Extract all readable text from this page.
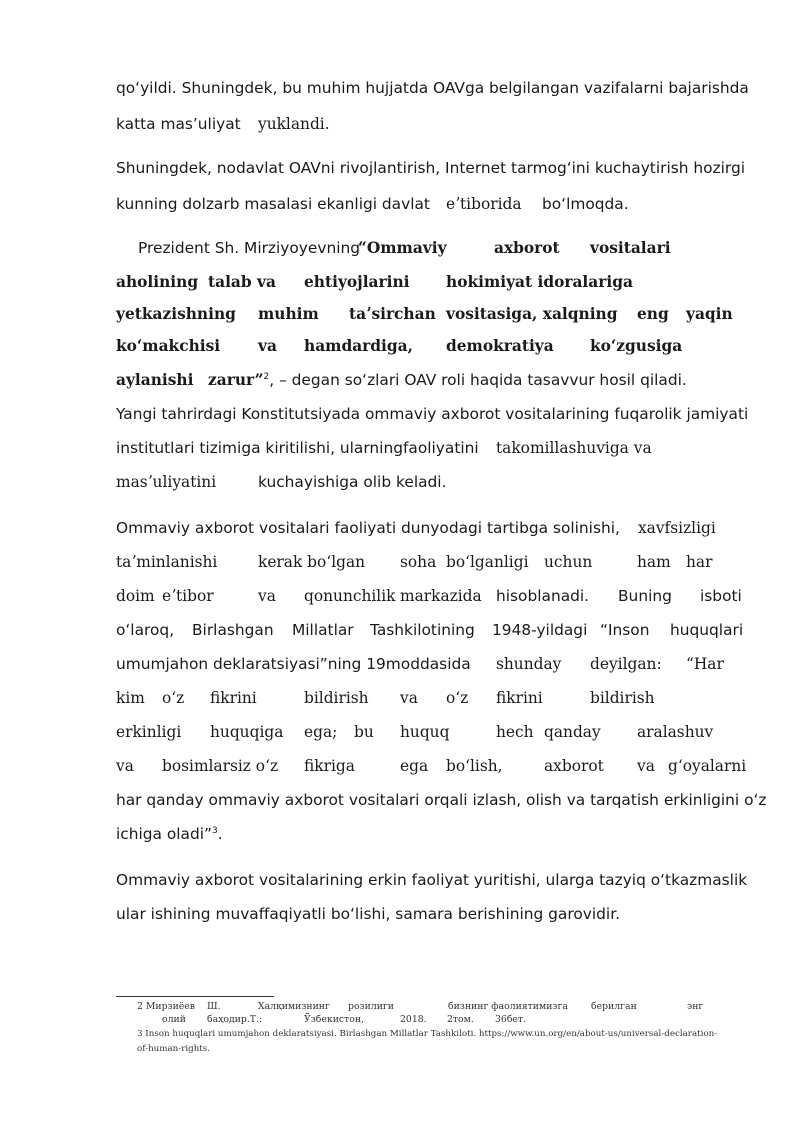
qoʻyildi. Shuningdek, bu muhim hujjatda OAVga belgilangan vazifalarni bajarishda
katta masʼuliyat yuklandi.
Shuningdek, nodavlat OAVni rivojlantirish, Internet tarmogʻini kuchaytirish hozirgi
kunning dolzarb masalasi ekanligi davlat eʼtiborida boʻlmoqda.
Prezident Sh. Mirziyoyevning
“Ommaviy	axborot vositalari
aholining talab va ehtiyojlarini hokimiyat idoralariga
yetkazishning muhim taʼsirchan vositasiga, xalqning eng yaqin
koʻmakchisi va hamdardiga, demokratiya koʻzgusiga
aylanishi zarur”$^2$, – degan soʻzlari OAV roli haqida tasavvur hosil qiladi.
Yangi tahrirdagi Konstitutsiyada ommaviy axborot vositalarining fuqarolik jamiyati
institutlari tizimiga kiritilishi, ularningfaoliyatini takomillashuviga va
masʼuliyatini	kuchayishiga olib keladi.
Ommaviy axborot vositalari faoliyati dunyodagi tartibga solinishi, xavfsizligi
taʼminlanishi	kerak boʻlgan soha boʻlganligi uchun	ham har
doim eʼtibor	va qonunchilik markazida hisoblanadi. Buning isboti
oʻlaroq, Birlashgan Millatlar Tashkilotining 1948-yildagi “Inson huquqlari
umumjahon deklaratsiyasi”ning 19moddasida shunday deyilgan: “Har
kim oʻz fikrini	bildirish va oʻz fikrini	bildirish
erkinligi huquqiga ega; bu huquq	hech qanday aralashuv
va bosimlarsiz oʻz fikriga	ega boʻlish,	axborot va gʻoyalarni
har qanday ommaviy axborot vositalari orqali izlash, olish va tarqatish erkinligini oʻz
ichiga oladi”$^3$.
Ommaviy axborot vositalarining erkin faoliyat yuritishi, ularga tazyiq oʻtkazmaslik
ular ishining muvaffaqiyatli boʻlishi, samara berishining garovidir.
2 Мирзиёев Ш.	Халқимизнинг розилиги	бизнинг фаолиятимизга берилган	энг
олий баҳодир.Т.:	Ўзбекистон,	2018. 2том. 36бет.
3 Inson huquqlari umumjahon deklaratsiyasi. Birlashgan Millatlar Tashkiloti. https://www.un.org/en/about-us/universal-declaration-
of-human-rights.
